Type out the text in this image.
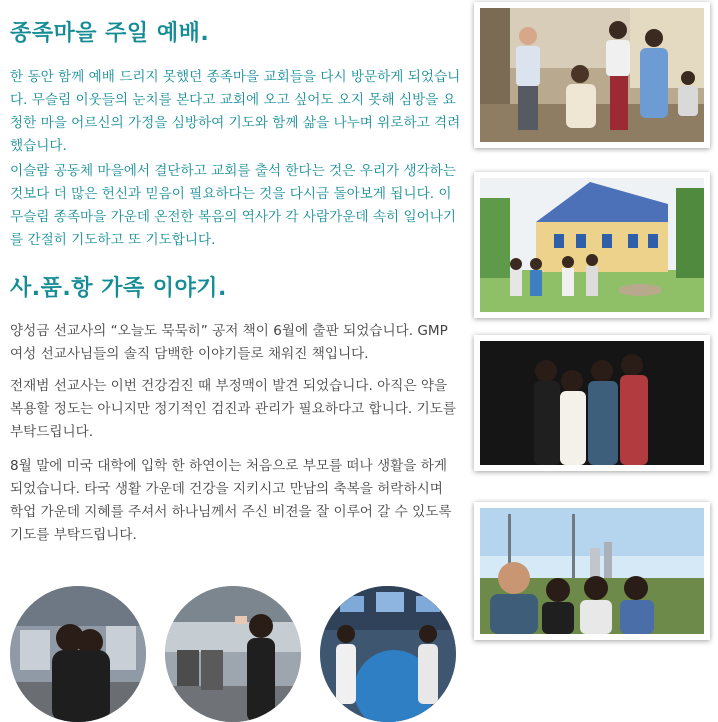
종족마을 주일 예배.

한 동안 함께 예배 드리지 못했던 종족마을 교회들을 다시 방문하게 되었습니다. 무슬림 이웃들의 눈치를 본다고 교회에 오고 싶어도 오지 못해 심방을 요청한 마을 어르신의 가정을 심방하여 기도와 함께 삶을 나누며 위로하고 격려했습니다.

이슬람 공동체 마을에서 결단하고 교회를 출석 한다는 것은 우리가 생각하는 것보다 더 많은 헌신과 믿음이 필요하다는 것을 다시금 돌아보게 됩니다. 이 무슬림 종족마을 가운데 온전한 복음의 역사가 각 사람가운데 속히 일어나기를 간절히 기도하고 또 기도합니다.

사.품.항 가족 이야기.

양성금 선교사의 “오늘도 묵묵히” 공저 책이 6월에 출판 되었습니다. GMP 여성 선교사님들의 솔직 담백한 이야기들로 채워진 책입니다.

전재범 선교사는 이번 건강검진 때 부정맥이 발견 되었습니다. 아직은 약을 복용할 정도는 아니지만 정기적인 검진과 관리가 필요하다고 합니다. 기도를 부탁드립니다.

8월 말에 미국 대학에 입학 한 하연이는 처음으로 부모를 떠나 생활을 하게 되었습니다. 타국 생활 가운데 건강을 지키시고 만남의 축복을 허락하시며 학업 가운데 지혜를 주셔서 하나님께서 주신 비젼을 잘 이루어 갈 수 있도록 기도를 부탁드립니다.
